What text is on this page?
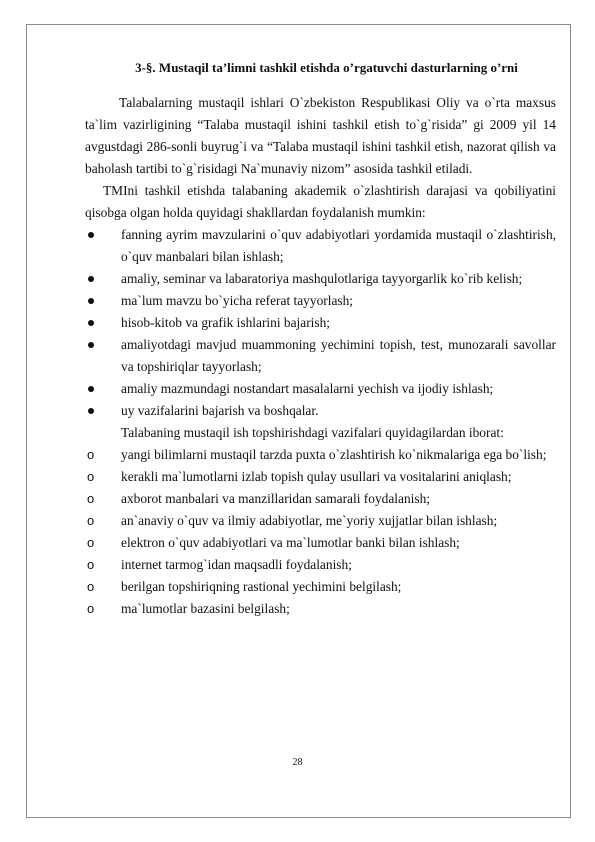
3-§. Mustaqil ta’limni tashkil etishda o’rgatuvchi dasturlarning o’rni

Talabalarning mustaqil ishlari O`zbekiston Respublikasi Oliy va o`rta maxsus ta`lim vazirligining “Talaba mustaqil ishini tashkil etish to`g`risida” gi 2009 yil 14 avgustdagi 286-sonli buyrug`i va “Talaba mustaqil ishini tashkil etish, nazorat qilish va baholash tartibi to`g`risidagi Na`munaviy nizom” asosida tashkil etiladi.

TMIni tashkil etishda talabaning akademik o`zlashtirish darajasi va qobiliyatini qisobga olgan holda quyidagi shakllardan foydalanish mumkin:

fanning ayrim mavzularini o`quv adabiyotlari yordamida mustaqil o`zlashtirish, o`quv manbalari bilan ishlash;
amaliy, seminar va labaratoriya mashqulotlariga tayyorgarlik ko`rib kelish;
ma`lum mavzu bo`yicha referat tayyorlash;
hisob-kitob va grafik ishlarini bajarish;
amaliyotdagi mavjud muammoning yechimini topish, test, munozarali savollar va topshiriqlar tayyorlash;
amaliy mazmundagi nostandart masalalarni yechish va ijodiy ishlash;
uy vazifalarini bajarish va boshqalar.

Talabaning mustaqil ish topshirishdagi vazifalari quyidagilardan iborat:

o yangi bilimlarni mustaqil tarzda puxta o`zlashtirish ko`nikmalariga ega bo`lish;
o kerakli ma`lumotlarni izlab topish qulay usullari va vositalarini aniqlash;
o axborot manbalari va manzillaridan samarali foydalanish;
o an`anaviy o`quv va ilmiy adabiyotlar, me`yoriy xujjatlar bilan ishlash;
o elektron o`quv adabiyotlari va ma`lumotlar banki bilan ishlash;
o internet tarmog`idan maqsadli foydalanish;
o berilgan topshiriqning rastional yechimini belgilash;
o ma`lumotlar bazasini belgilash;
28
